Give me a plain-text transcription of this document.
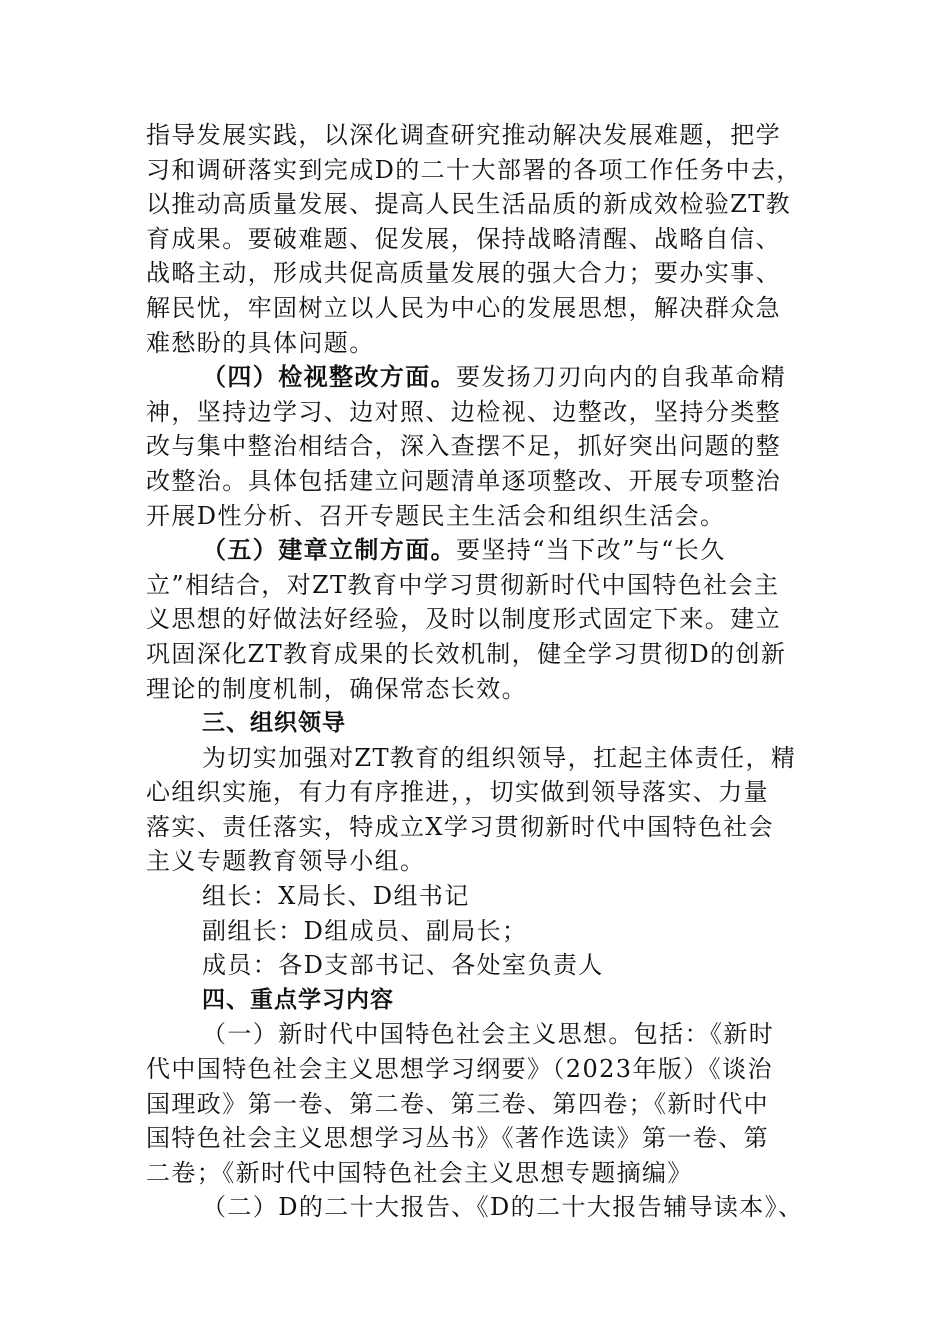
指导发展实践，以深化调查研究推动解决发展难题，把学
习和调研落实到完成D的二十大部署的各项工作任务中去，
以推动高质量发展、提高人民生活品质的新成效检验ZT教
育成果。要破难题、促发展，保持战略清醒、战略自信、
战略主动，形成共促高质量发展的强大合力；要办实事、
解民忧，牢固树立以人民为中心的发展思想，解决群众急
难愁盼的具体问题。
（四）检视整改方面。要发扬刀刃向内的自我革命精
神，坚持边学习、边对照、边检视、边整改，坚持分类整
改与集中整治相结合，深入查摆不足，抓好突出问题的整
改整治。具体包括建立问题清单逐项整改、开展专项整治
开展D性分析、召开专题民主生活会和组织生活会。
（五）建章立制方面。要坚持“当下改”与“长久
立”相结合，对ZT教育中学习贯彻新时代中国特色社会主
义思想的好做法好经验，及时以制度形式固定下来。建立
巩固深化ZT教育成果的长效机制，健全学习贯彻D的创新
理论的制度机制，确保常态长效。
三、组织领导
为切实加强对ZT教育的组织领导，扛起主体责任，精
心组织实施，有力有序推进，，切实做到领导落实、力量
落实、责任落实，特成立X学习贯彻新时代中国特色社会
主义专题教育领导小组。
组长：X局长、D组书记
副组长：D组成员、副局长；
成员：各D支部书记、各处室负责人
四、重点学习内容
（一）新时代中国特色社会主义思想。包括：《新时
代中国特色社会主义思想学习纲要》（2023年版）《谈治
国理政》第一卷、第二卷、第三卷、第四卷；《新时代中
国特色社会主义思想学习丛书》《著作选读》第一卷、第
二卷；《新时代中国特色社会主义思想专题摘编》
（二）D的二十大报告、《D的二十大报告辅导读本》、
